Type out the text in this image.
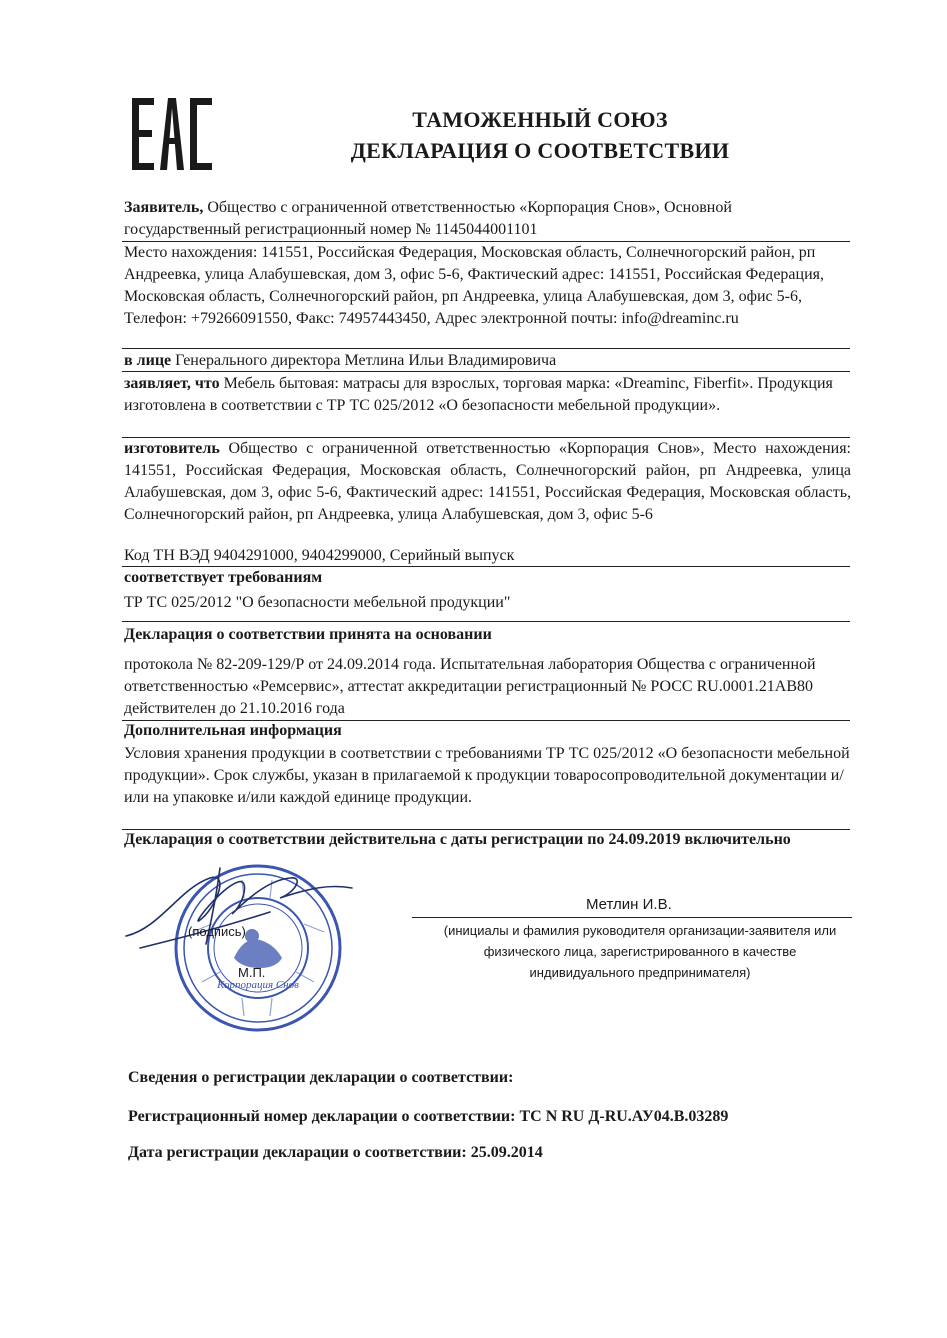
ТАМОЖЕННЫЙ СОЮЗ
ДЕКЛАРАЦИЯ О СООТВЕТСТВИИ
Заявитель, Общество с ограниченной ответственностью «Корпорация Снов», Основной государственный регистрационный номер № 1145044001101
Место нахождения: 141551, Российская Федерация, Московская область, Солнечногорский район, рп Андреевка, улица Алабушевская, дом 3, офис 5-6, Фактический адрес: 141551, Российская Федерация, Московская область, Солнечногорский район, рп Андреевка, улица Алабушевская, дом 3, офис 5-6, Телефон: +79266091550, Факс: 74957443450, Адрес электронной почты: info@dreaminc.ru
в лице Генерального директора Метлина Ильи Владимировича
заявляет, что Мебель бытовая: матрасы для взрослых, торговая марка: «Dreaminc, Fiberfit». Продукция изготовлена в соответствии с ТР ТС 025/2012 «О безопасности мебельной продукции».
изготовитель Общество с ограниченной ответственностью «Корпорация Снов», Место нахождения: 141551, Российская Федерация, Московская область, Солнечногорский район, рп Андреевка, улица Алабушевская, дом 3, офис 5-6, Фактический адрес: 141551, Российская Федерация, Московская область, Солнечногорский район, рп Андреевка, улица Алабушевская, дом 3, офис 5-6
Код ТН ВЭД 9404291000, 9404299000, Серийный выпуск
соответствует требованиям
ТР ТС 025/2012 "О безопасности мебельной продукции"
Декларация о соответствии принята на основании
протокола № 82-209-129/Р от 24.09.2014 года. Испытательная лаборатория Общества с ограниченной ответственностью «Ремсервис», аттестат аккредитации регистрационный № РОСС RU.0001.21АВ80 действителен до 21.10.2016 года
Дополнительная информация
Условия хранения продукции в соответствии с требованиями ТР ТС 025/2012 «О безопасности мебельной продукции». Срок службы, указан в прилагаемой к продукции товаросопроводительной документации и/или на упаковке и/или каждой единице продукции.
Декларация о соответствии действительна с даты регистрации по 24.09.2019 включительно
Корпорация Снов
(подпись)
М.П.
Метлин И.В.
(инициалы и фамилия руководителя организации-заявителя или физического лица, зарегистрированного в качестве индивидуального предпринимателя)
Сведения о регистрации декларации о соответствии:
Регистрационный номер декларации о соответствии: ТС N RU Д-RU.АУ04.В.03289
Дата регистрации декларации о соответствии: 25.09.2014
